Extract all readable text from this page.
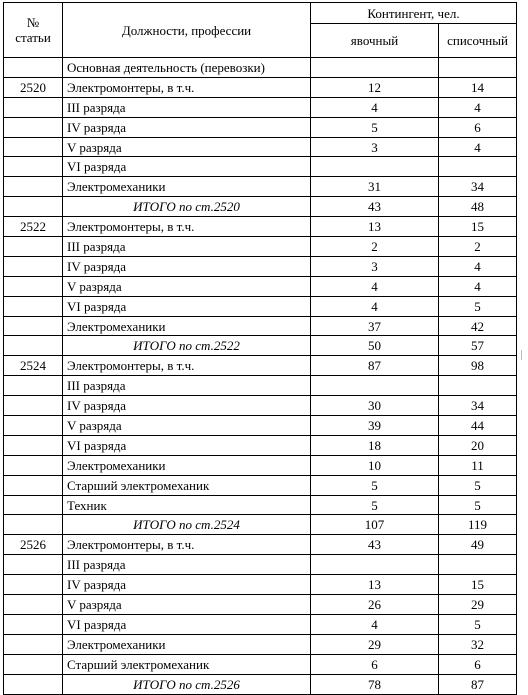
№
статьи	Должности, профессии	Контингент, чел.	
		явочный	списочный
	Основная деятельность (перевозки)		
2520	Электромонтеры, в т.ч.	12	14
	III разряда	4	4
	IV разряда	5	6
	V разряда	3	4
	VI разряда		
	Электромеханики	31	34
	ИТОГО по ст.2520	43	48
2522	Электромонтеры, в т.ч.	13	15
	III разряда	2	2
	IV разряда	3	4
	V разряда	4	4
	VI разряда	4	5
	Электромеханики	37	42
	ИТОГО по ст.2522	50	57
2524	Электромонтеры, в т.ч.	87	98
	III разряда		
	IV разряда	30	34
	V разряда	39	44
	VI разряда	18	20
	Электромеханики	10	11
	Старший электромеханик	5	5
	Техник	5	5
	ИТОГО по ст.2524	107	119
2526	Электромонтеры, в т.ч.	43	49
	III разряда		
	IV разряда	13	15
	V разряда	26	29
	VI разряда	4	5
	Электромеханики	29	32
	Старший электромеханик	6	6
	ИТОГО по ст.2526	78	87
